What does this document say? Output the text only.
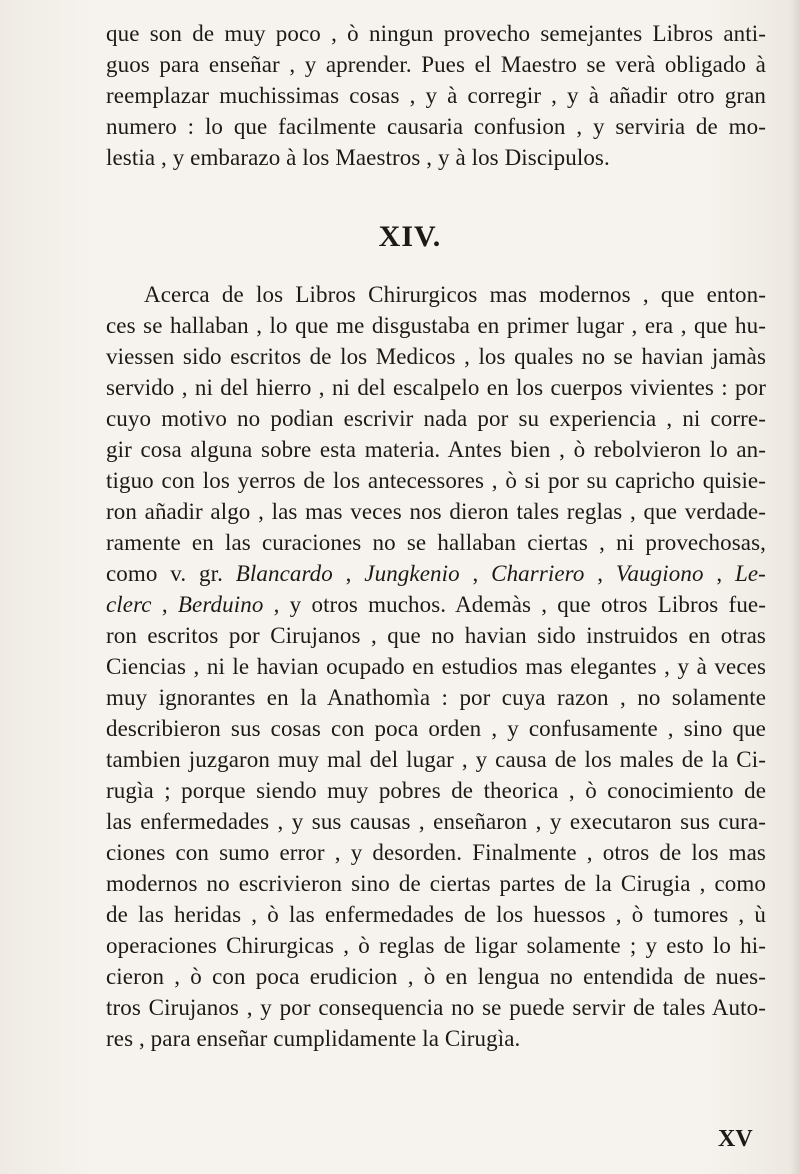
que son de muy poco , ò ningun provecho semejantes Libros anti-
guos para enseñar , y aprender. Pues el Maestro se verà obligado à
reemplazar muchissimas cosas , y à corregir , y à añadir otro gran
numero : lo que facilmente causaria confusion , y serviria de mo-
lestia , y embarazo à los Maestros , y à los Discipulos.
XIV.
Acerca de los Libros Chirurgicos mas modernos , que enton-
ces se hallaban , lo que me disgustaba en primer lugar , era , que hu-
viessen sido escritos de los Medicos , los quales no se havian jamàs
servido , ni del hierro , ni del escalpelo en los cuerpos vivientes : por
cuyo motivo no podian escrivir nada por su experiencia , ni corre-
gir cosa alguna sobre esta materia. Antes bien , ò rebolvieron lo an-
tiguo con los yerros de los antecessores , ò si por su capricho quisie-
ron añadir algo , las mas veces nos dieron tales reglas , que verdade-
ramente en las curaciones no se hallaban ciertas , ni provechosas,
como v. gr. Blancardo , Jungkenio , Charriero , Vaugiono , Le-
clerc , Berduino , y otros muchos. Ademàs , que otros Libros fue-
ron escritos por Cirujanos , que no havian sido instruidos en otras
Ciencias , ni le havian ocupado en estudios mas elegantes , y à veces
muy ignorantes en la Anathomìa : por cuya razon , no solamente
describieron sus cosas con poca orden , y confusamente , sino que
tambien juzgaron muy mal del lugar , y causa de los males de la Ci-
rugìa ; porque siendo muy pobres de theorica , ò conocimiento de
las enfermedades , y sus causas , enseñaron , y executaron sus cura-
ciones con sumo error , y desorden. Finalmente , otros de los mas
modernos no escrivieron sino de ciertas partes de la Cirugia , como
de las heridas , ò las enfermedades de los huessos , ò tumores , ù
operaciones Chirurgicas , ò reglas de ligar solamente ; y esto lo hi-
cieron , ò con poca erudicion , ò en lengua no entendida de nues-
tros Cirujanos , y por consequencia no se puede servir de tales Auto-
res , para enseñar cumplidamente la Cirugìa.
XV
